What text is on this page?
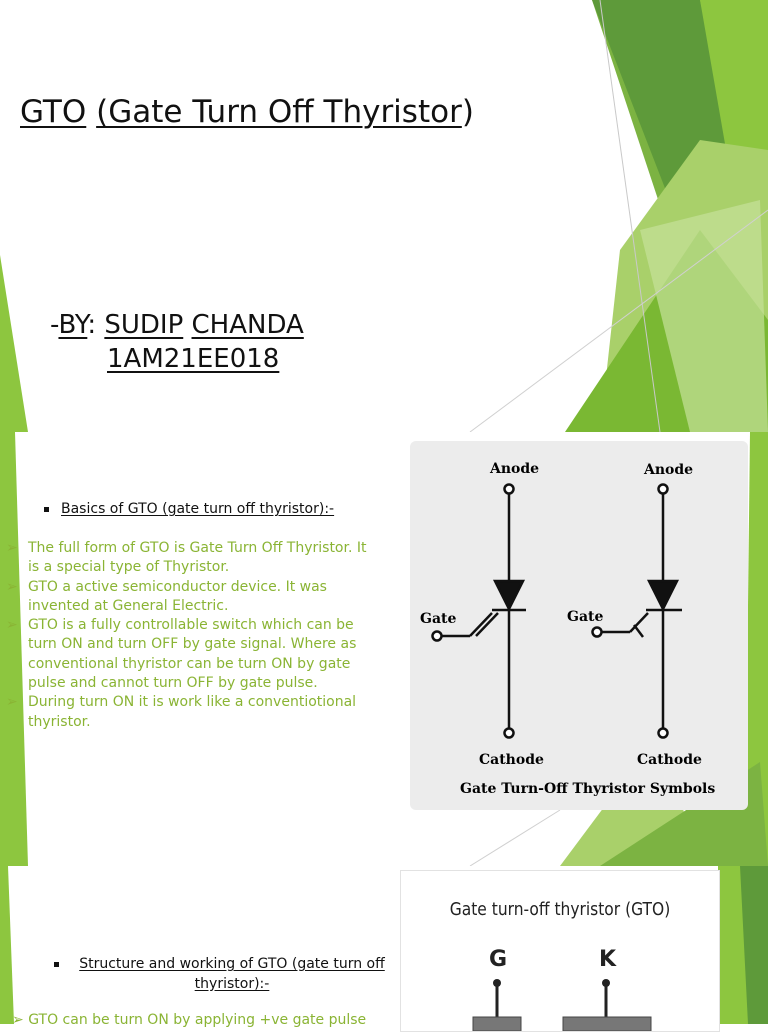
GTO (Gate Turn Off Thyristor)
-BY: SUDIP CHANDA
1AM21EE018
Basics of GTO (gate turn off thyristor):-
➢ The full form of GTO is Gate Turn Off Thyristor. It is a special type of Thyristor.
➢ GTO a active semiconductor device. It was invented at General Electric.
➢ GTO is a fully controllable switch which can be turn ON and turn OFF by gate signal. Where as conventional thyristor can be turn ON by gate pulse and cannot turn OFF by gate pulse.
➢ During turn ON it is work like a conventiotional thyristor.
Anode	Anode
Gate	Gate
Cathode	Cathode
Gate Turn-Off Thyristor Symbols
Structure and working of GTO (gate turn off
thyristor):-
➢ GTO can be turn ON by applying +ve gate pulse
Gate turn-off thyristor (GTO)
G	K
